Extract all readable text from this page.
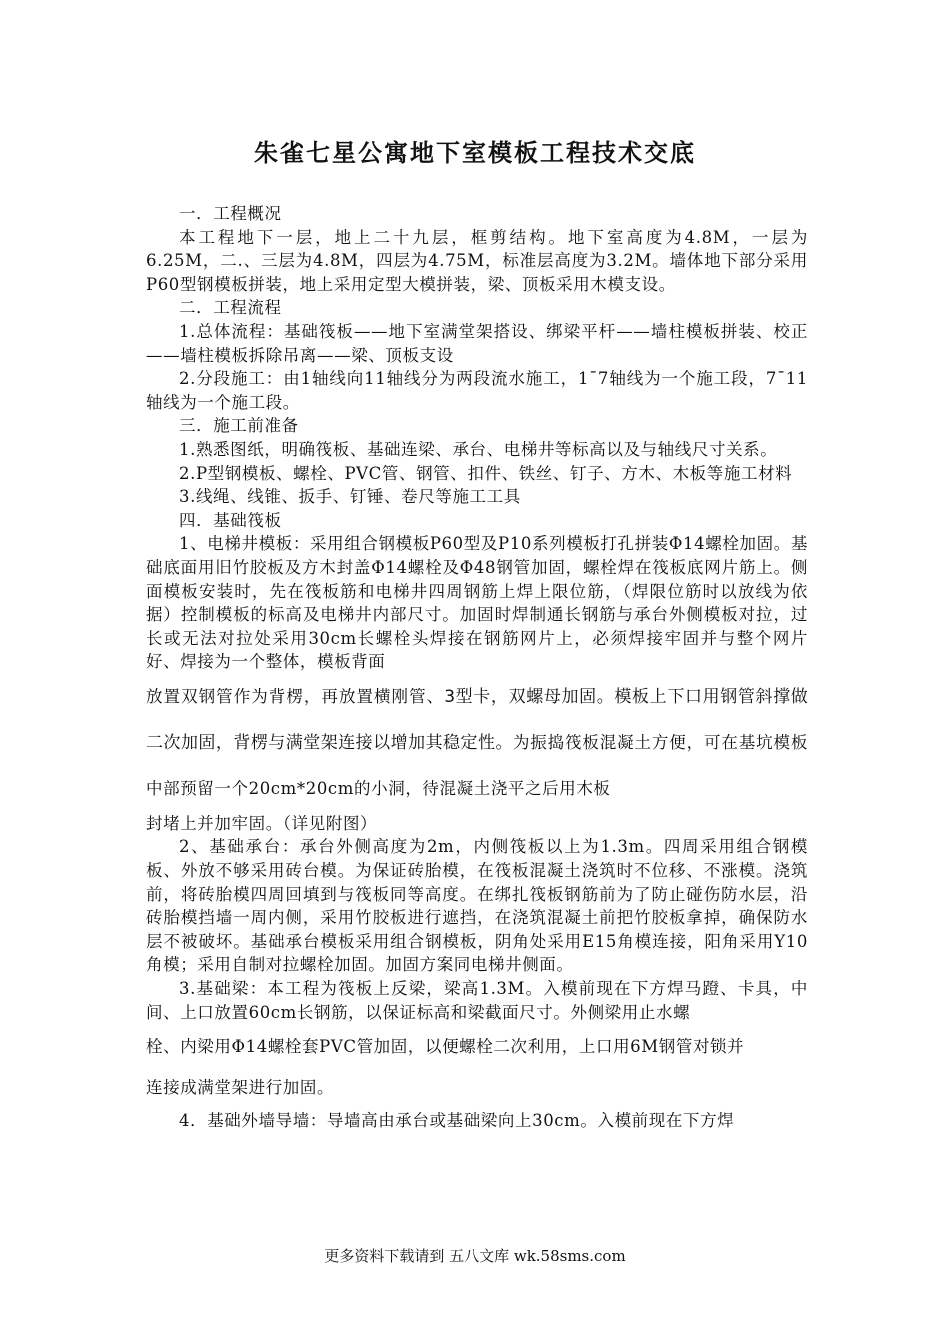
朱雀七星公寓地下室模板工程技术交底

一．工程概况

本工程地下一层，地上二十九层，框剪结构。地下室高度为4.8M，一层为6.25M，二.、三层为4.8M，四层为4.75M，标准层高度为3.2M。墙体地下部分采用P60型钢模板拼装，地上采用定型大模拼装，梁、顶板采用木模支设。

二．工程流程

1.总体流程：基础筏板——地下室满堂架搭设、绑梁平杆——墙柱模板拼装、校正——墙柱模板拆除吊离——梁、顶板支设

2.分段施工：由1轴线向11轴线分为两段流水施工，1¯7轴线为一个施工段，7¯11轴线为一个施工段。

三．施工前准备

1.熟悉图纸，明确筏板、基础连梁、承台、电梯井等标高以及与轴线尺寸关系。

2.P型钢模板、螺栓、PVC管、钢管、扣件、铁丝、钉子、方木、木板等施工材料

3.线绳、线锥、扳手、钉锤、卷尺等施工工具

四．基础筏板

1、电梯井模板：采用组合钢模板P60型及P10系列模板打孔拼装Φ14螺栓加固。基础底面用旧竹胶板及方木封盖Φ14螺栓及Φ48钢管加固，螺栓焊在筏板底网片筋上。侧面模板安装时，先在筏板筋和电梯井四周钢筋上焊上限位筋，（焊限位筋时以放线为依据）控制模板的标高及电梯井内部尺寸。加固时焊制通长钢筋与承台外侧模板对拉，过长或无法对拉处采用30cm长螺栓头焊接在钢筋网片上，必须焊接牢固并与整个网片好、焊接为一个整体，模板背面

放置双钢管作为背楞，再放置横刚管、3型卡，双螺母加固。模板上下口用钢管斜撑做二次加固，背楞与满堂架连接以增加其稳定性。为振捣筏板混凝土方便，可在基坑模板中部预留一个20cm*20cm的小洞，待混凝土浇平之后用木板

封堵上并加牢固。（详见附图）

2、基础承台：承台外侧高度为2m，内侧筏板以上为1.3m。四周采用组合钢模板、外放不够采用砖台模。为保证砖胎模，在筏板混凝土浇筑时不位移、不涨模。浇筑前，将砖胎模四周回填到与筏板同等高度。在绑扎筏板钢筋前为了防止碰伤防水层，沿砖胎模挡墙一周内侧，采用竹胶板进行遮挡，在浇筑混凝土前把竹胶板拿掉，确保防水层不被破坏。基础承台模板采用组合钢模板，阴角处采用E15角模连接，阳角采用Y10角模；采用自制对拉螺栓加固。加固方案同电梯井侧面。

3.基础梁：本工程为筏板上反梁，梁高1.3M。入模前现在下方焊马蹬、卡具，中间、上口放置60cm长钢筋，以保证标高和梁截面尺寸。外侧梁用止水螺

栓、内梁用Φ14螺栓套PVC管加固，以便螺栓二次利用，上口用6M钢管对锁并

连接成满堂架进行加固。

4．基础外墙导墙：导墙高由承台或基础梁向上30cm。入模前现在下方焊

更多资料下载请到 五八文库 wk.58sms.com
